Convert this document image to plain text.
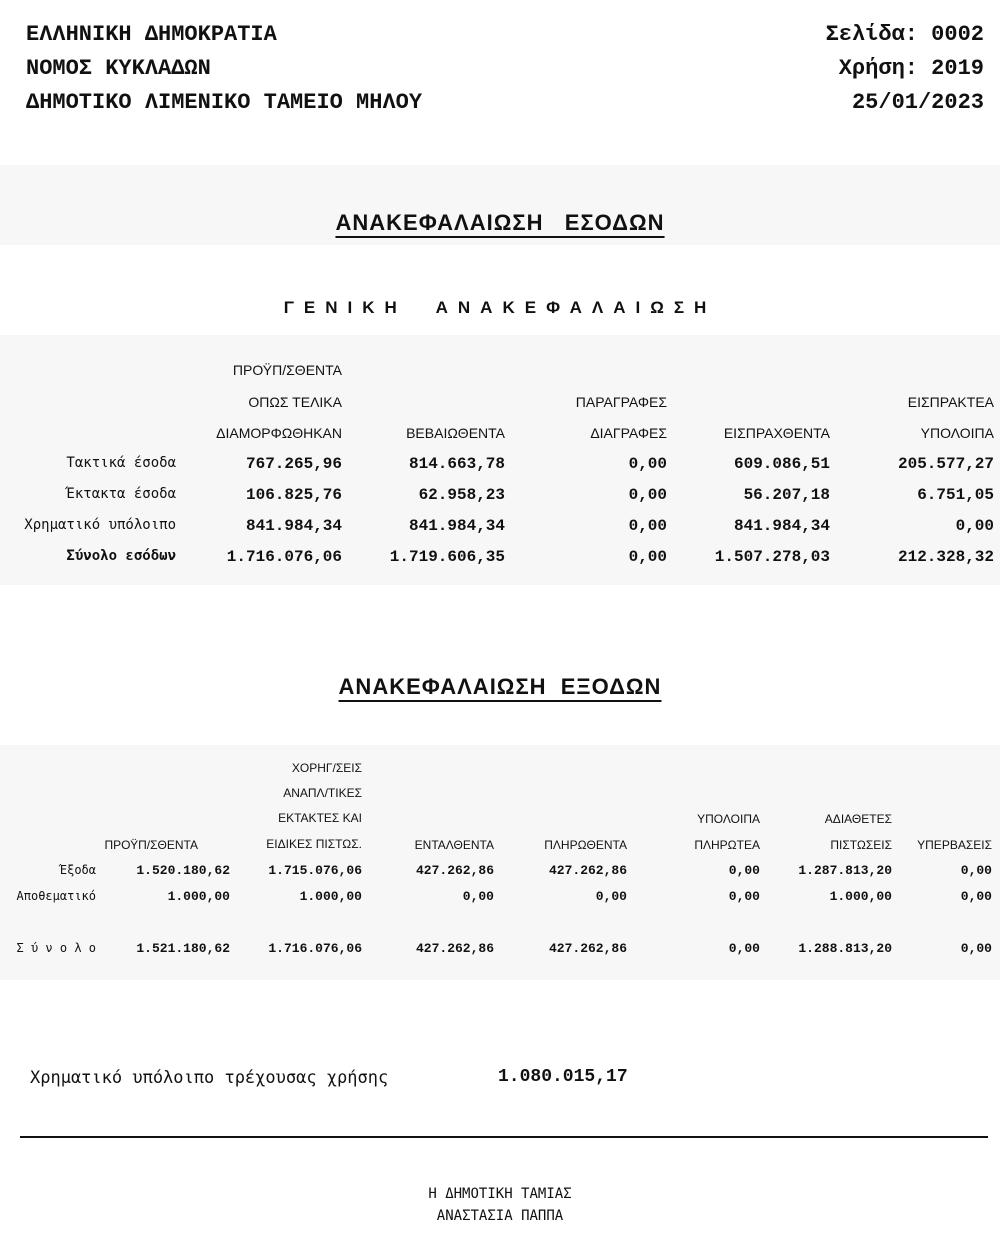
ΕΛΛΗΝΙΚΗ ΔΗΜΟΚΡΑΤΙΑ
ΝΟΜΟΣ ΚΥΚΛΑΔΩΝ
ΔΗΜΟΤΙΚΟ ΛΙΜΕΝΙΚΟ ΤΑΜΕΙΟ ΜΗΛΟΥ
Σελίδα: 0002
Χρήση: 2019
25/01/2023
ΑΝΑΚΕΦΑΛΑΙΩΣΗ   ΕΣΟΔΩΝ
ΓΕΝΙΚΗ  ΑΝΑΚΕΦΑΛΑΙΩΣΗ
ΠΡΟΫΠ/ΣΘΕΝΤΑ
ΟΠΩΣ ΤΕΛΙΚΑ
ΔΙΑΜΟΡΦΩΘΗΚΑΝ	ΒΕΒΑΙΩΘΕΝΤΑ
ΠΑΡΑΓΡΑΦΕΣ
ΔΙΑΓΡΑΦΕΣ	ΕΙΣΠΡΑΧΘΕΝΤΑ
ΕΙΣΠΡΑΚΤΕΑ
ΥΠΟΛΟΙΠΑ
Τακτικά έσοδα	767.265,96	814.663,78	0,00	609.086,51	205.577,27
Έκτακτα έσοδα	106.825,76	62.958,23	0,00	56.207,18	6.751,05
Χρηματικό υπόλοιπο	841.984,34	841.984,34	0,00	841.984,34	0,00
Σύνολο εσόδων	1.716.076,06	1.719.606,35	0,00	1.507.278,03	212.328,32
ΑΝΑΚΕΦΑΛΑΙΩΣΗ  ΕΞΟΔΩΝ
ΧΟΡΗΓ/ΣΕΙΣ
ΑΝΑΠΛ/ΤΙΚΕΣ
ΕΚΤΑΚΤΕΣ ΚΑΙ
ΕΙΔΙΚΕΣ ΠΙΣΤΩΣ.
ΠΡΟΫΠ/ΣΘΕΝΤΑ	ΕΝΤΑΛΘΕΝΤΑ	ΠΛΗΡΩΘΕΝΤΑ
ΥΠΟΛΟΙΠΑ
ΠΛΗΡΩΤΕΑ
ΑΔΙΑΘΕΤΕΣ
ΠΙΣΤΩΣΕΙΣ ΥΠΕΡΒΑΣΕΙΣ
Έξοδα	1.520.180,62	1.715.076,06	427.262,86	427.262,86	0,00	1.287.813,20	0,00
Αποθεματικό	1.000,00	1.000,00	0,00	0,00	0,00	1.000,00	0,00
Σ ύ ν ο λ ο	1.521.180,62	1.716.076,06	427.262,86	427.262,86	0,00	1.288.813,20	0,00
Χρηματικό υπόλοιπο τρέχουσας χρήσης	1.080.015,17
Η ΔΗΜΟΤΙΚΗ ΤΑΜΙΑΣ
ΑΝΑΣΤΑΣΙΑ ΠΑΠΠΑ
